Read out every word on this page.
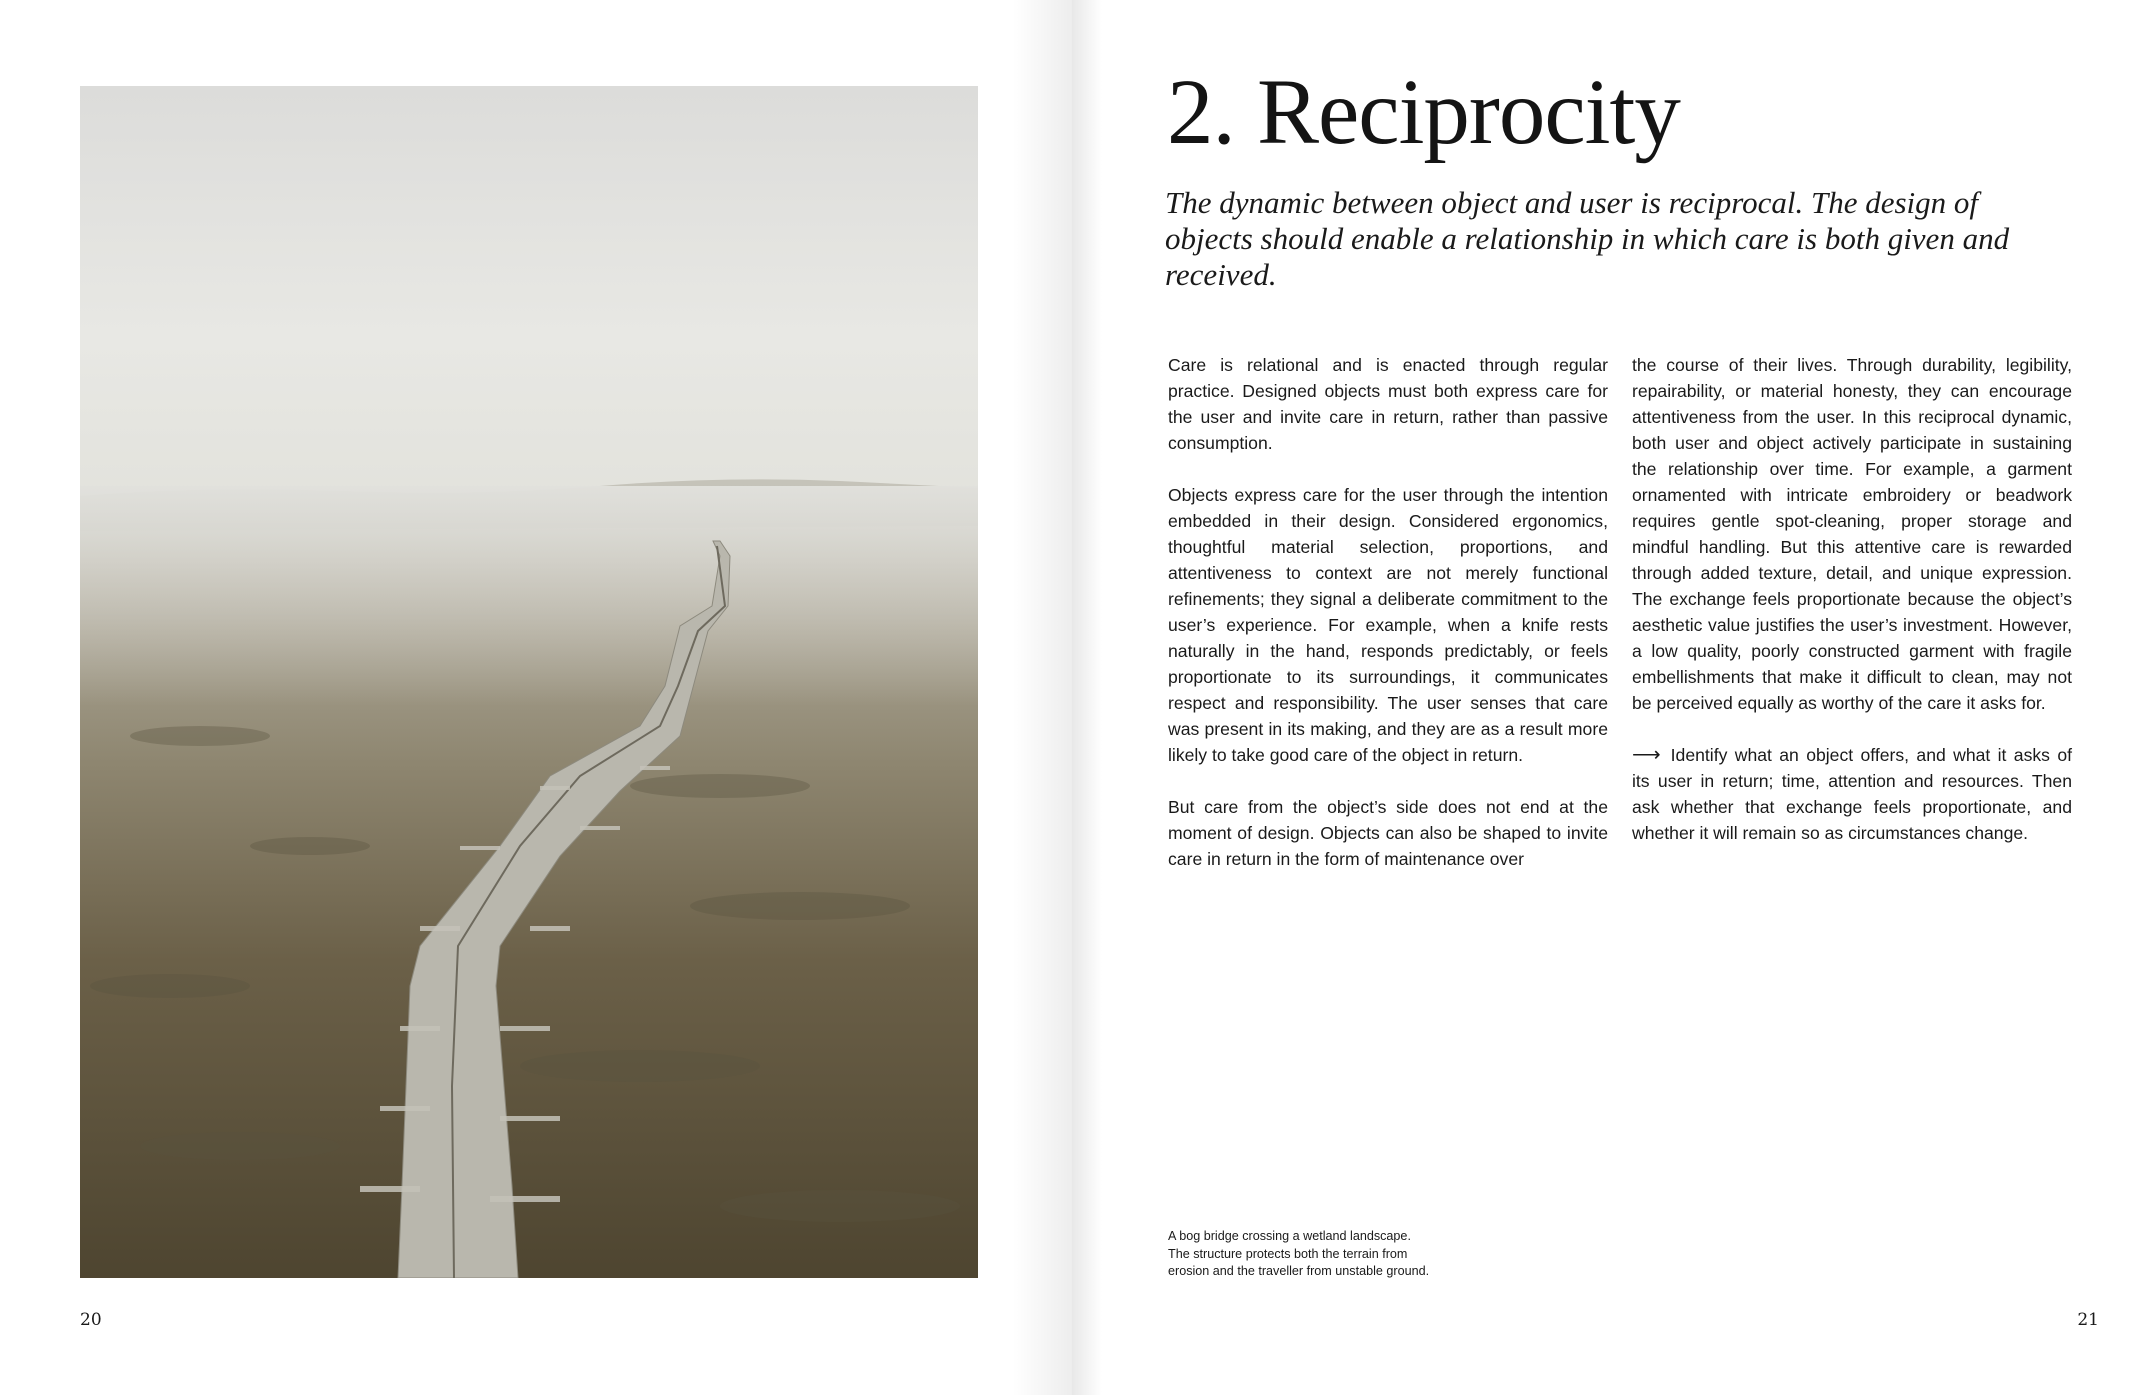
20
2. Reciprocity

The dynamic between object and user is reciprocal. The design of objects should enable a relationship in which care is both given and received.

Care is relational and is enacted through regular practice. Designed objects must both express care for the user and invite care in return, rather than passive consumption.

Objects express care for the user through the intention embedded in their design. Considered ergonomics, thoughtful material selection, proportions, and attentiveness to context are not merely functional refinements; they signal a deliberate commitment to the user’s experience. For example, when a knife rests naturally in the hand, responds predictably, or feels proportionate to its surroundings, it communicates respect and responsibility. The user senses that care was present in its making, and they are as a result more likely to take good care of the object in return.

But care from the object’s side does not end at the moment of design. Objects can also be shaped to invite care in return in the form of maintenance over

the course of their lives. Through durability, legibility, repairability, or material honesty, they can encourage attentiveness from the user. In this reciprocal dynamic, both user and object actively participate in sustaining the relationship over time. For example, a garment ornamented with intricate embroidery or beadwork requires gentle spot-cleaning, proper storage and mindful handling. But this attentive care is rewarded through added texture, detail, and unique expression. The exchange feels proportionate because the object’s aesthetic value justifies the user’s investment. However, a low quality, poorly constructed garment with fragile embellishments that make it difficult to clean, may not be perceived equally as worthy of the care it asks for.

⟶ Identify what an object offers, and what it asks of its user in return; time, attention and resources. Then ask whether that exchange feels proportionate, and whether it will remain so as circumstances change.

A bog bridge crossing a wetland landscape.
The structure protects both the terrain from
erosion and the traveller from unstable ground.
21
